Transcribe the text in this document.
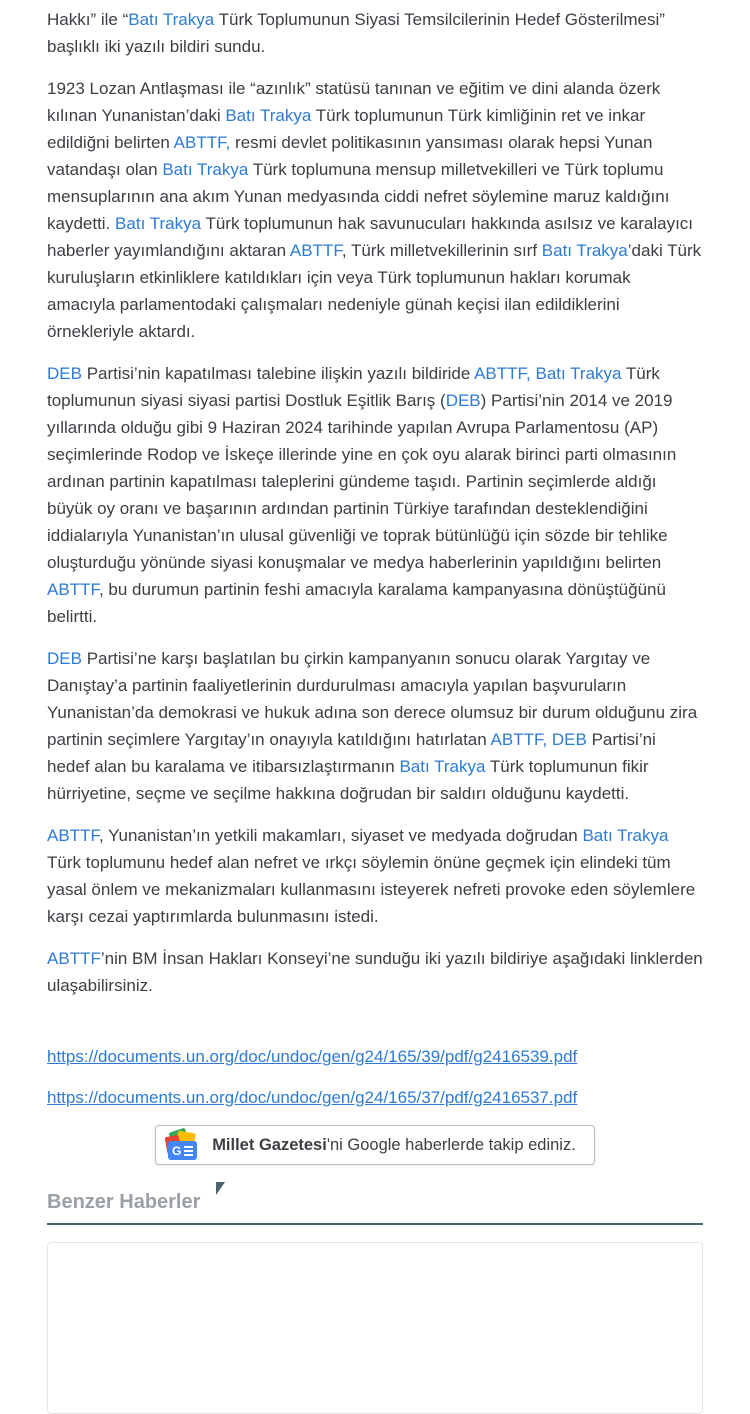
Hakkı” ile “Batı Trakya Türk Toplumunun Siyasi Temsilcilerinin Hedef Gösterilmesi” başlıklı iki yazılı bildiri sundu.

1923 Lozan Antlaşması ile “azınlık” statüsü tanınan ve eğitim ve dini alanda özerk kılınan Yunanistan’daki Batı Trakya Türk toplumunun Türk kimliğinin ret ve inkar edildiğni belirten ABTTF, resmi devlet politikasının yansıması olarak hepsi Yunan vatandaşı olan Batı Trakya Türk toplumuna mensup milletvekilleri ve Türk toplumu mensuplarının ana akım Yunan medyasında ciddi nefret söylemine maruz kaldığını kaydetti. Batı Trakya Türk toplumunun hak savunucuları hakkında asılsız ve karalayıcı haberler yayımlandığını aktaran ABTTF, Türk milletvekillerinin sırf Batı Trakya’daki Türk kuruluşların etkinliklere katıldıkları için veya Türk toplumunun hakları korumak amacıyla parlamentodaki çalışmaları nedeniyle günah keçisi ilan edildiklerini örnekleriyle aktardı.

DEB Partisi’nin kapatılması talebine ilişkin yazılı bildiride ABTTF, Batı Trakya Türk toplumunun siyasi siyasi partisi Dostluk Eşitlik Barış (DEB) Partisi’nin 2014 ve 2019 yıllarında olduğu gibi 9 Haziran 2024 tarihinde yapılan Avrupa Parlamentosu (AP) seçimlerinde Rodop ve İskeçe illerinde yine en çok oyu alarak birinci parti olmasının ardınan partinin kapatılması taleplerini gündeme taşıdı. Partinin seçimlerde aldığı büyük oy oranı ve başarının ardından partinin Türkiye tarafından desteklendiğini iddialarıyla Yunanistan’ın ulusal güvenliği ve toprak bütünlüğü için sözde bir tehlike oluşturduğu yönünde siyasi konuşmalar ve medya haberlerinin yapıldığını belirten ABTTF, bu durumun partinin feshi amacıyla karalama kampanyasına dönüştüğünü belirtti.

DEB Partisi’ne karşı başlatılan bu çirkin kampanyanın sonucu olarak Yargıtay ve Danıştay’a partinin faaliyetlerinin durdurulması amacıyla yapılan başvuruların Yunanistan’da demokrasi ve hukuk adına son derece olumsuz bir durum olduğunu zira partinin seçimlere Yargıtay’ın onayıyla katıldığını hatırlatan ABTTF, DEB Partisi’ni hedef alan bu karalama ve itibarsızlaştırmanın Batı Trakya Türk toplumunun fikir hürriyetine, seçme ve seçilme hakkına doğrudan bir saldırı olduğunu kaydetti.

ABTTF, Yunanistan’ın yetkili makamları, siyaset ve medyada doğrudan Batı Trakya Türk toplumunu hedef alan nefret ve ırkçı söylemin önüne geçmek için elindeki tüm yasal önlem ve mekanizmaları kullanmasını isteyerek nefreti provoke eden söylemlere karşı cezai yaptırımlarda bulunmasını istedi.

ABTTF’nin BM İnsan Hakları Konseyi’ne sunduğu iki yazılı bildiriye aşağıdaki linklerden ulaşabilirsiniz.

https://documents.un.org/doc/undoc/gen/g24/165/39/pdf/g2416539.pdf

https://documents.un.org/doc/undoc/gen/g24/165/37/pdf/g2416537.pdf

G Millet Gazetesi'ni Google haberlerde takip ediniz.
Benzer Haberler
